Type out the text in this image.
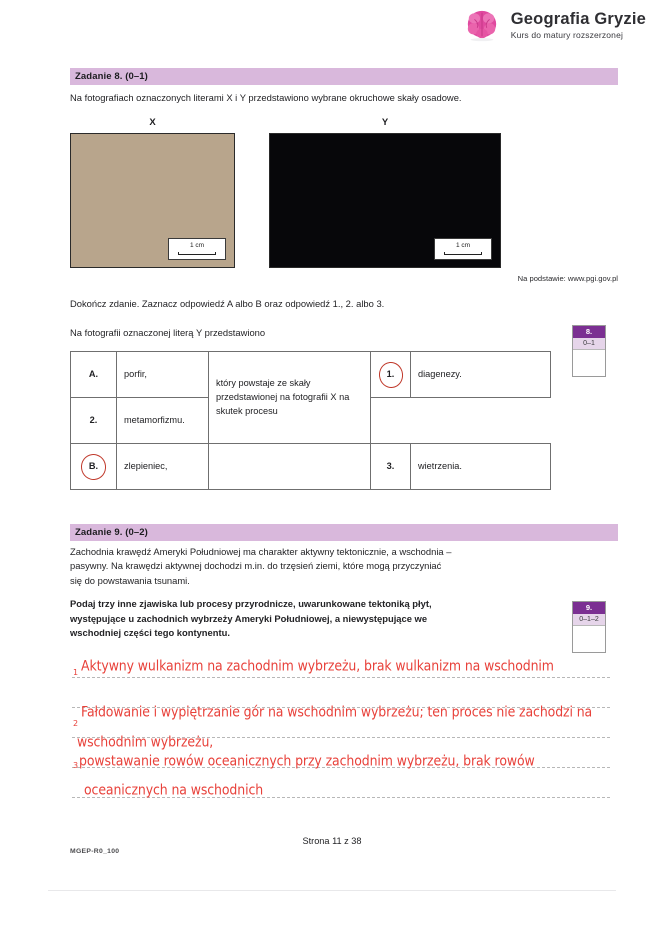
Geografia Gryzie
Kurs do matury rozszerzonej
Zadanie 8. (0–1)
Na fotografiach oznaczonych literami X i Y przedstawiono wybrane okruchowe skały osadowe.
X
1 cm
Y
1 cm
Na podstawie: www.pgi.gov.pl
Dokończ zdanie. Zaznacz odpowiedź A albo B oraz odpowiedź 1., 2. albo 3.
Na fotografii oznaczonej literą Y przedstawiono
A.	porfir,	który powstaje ze skały przedstawionej na fotografii X na skutek procesu	1.	diagenezy.
2.	metamorfizmu.			
B.	zlepieniec,		3.	wietrzenia.
8.
0–1
Zadanie 9. (0–2)
Zachodnia krawędź Ameryki Południowej ma charakter aktywny tektonicznie, a wschodnia –
pasywny. Na krawędzi aktywnej dochodzi m.in. do trzęsień ziemi, które mogą przyczyniać
się do powstawania tsunami.
Podaj trzy inne zjawiska lub procesy przyrodnicze, uwarunkowane tektoniką płyt,
występujące u zachodnich wybrzeży Ameryki Południowej, a niewystępujące we
wschodniej części tego kontynentu.
1 Aktywny wulkanizm na zachodnim wybrzeżu, brak wulkanizm na wschodnim
2
Fałdowanie i wypiętrzanie gór na wschodnim wybrzeżu; ten proces nie zachodzi na
wschodnim wybrzeżu,
3 powstawanie rowów oceanicznych przy zachodnim wybrzeżu, brak rowów
oceanicznych na wschodnich
9.
0–1–2
Strona 11 z 38
MGEP-R0_100
